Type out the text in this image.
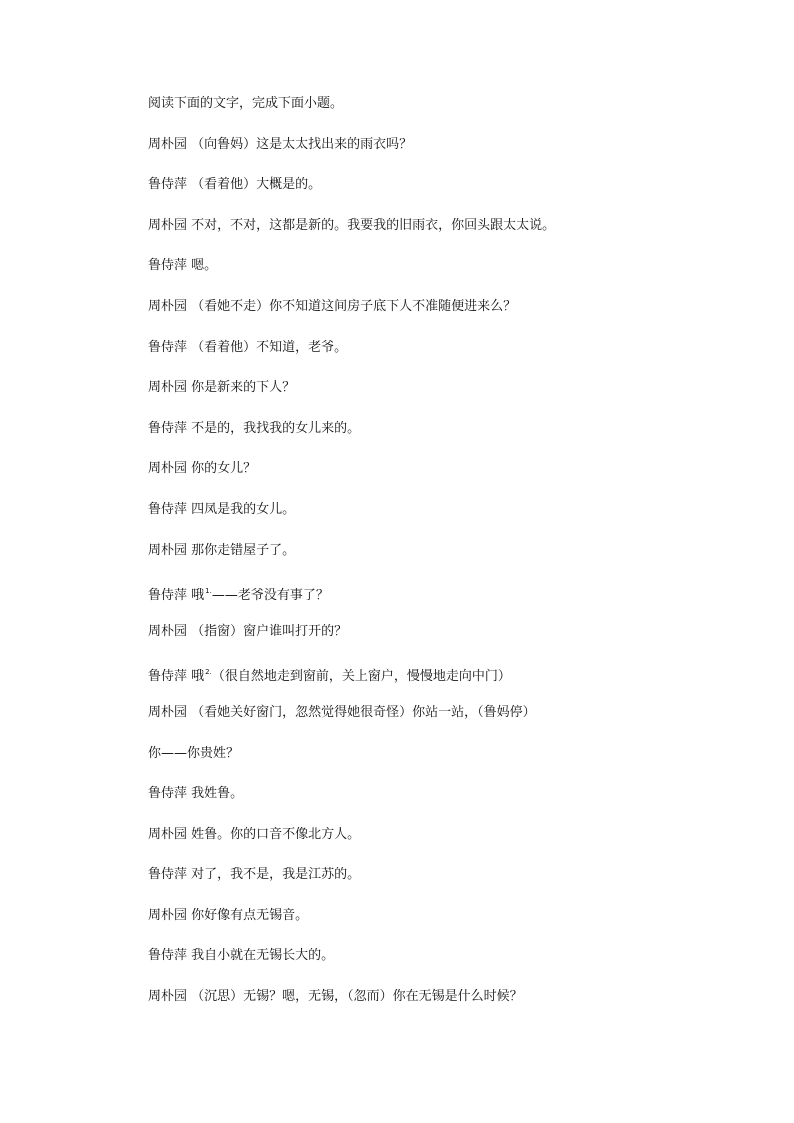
阅读下面的文字，完成下面小题。
周朴园 （向鲁妈）这是太太找出来的雨衣吗？
鲁侍萍 （看着他）大概是的。
周朴园 不对，不对，这都是新的。我要我的旧雨衣，你回头跟太太说。
鲁侍萍 嗯。
周朴园 （看她不走）你不知道这间房子底下人不准随便进来么？
鲁侍萍 （看着他）不知道，老爷。
周朴园 你是新来的下人？
鲁侍萍 不是的，我找我的女儿来的。
周朴园 你的女儿？
鲁侍萍 四凤是我的女儿。
周朴园 那你走错屋子了。
鲁侍萍 哦$^{1.}$——老爷没有事了？
周朴园 （指窗）窗户谁叫打开的？
鲁侍萍 哦$^{2.}$（很自然地走到窗前，关上窗户，慢慢地走向中门）
周朴园 （看她关好窗门，忽然觉得她很奇怪）你站一站，（鲁妈停）
你——你贵姓？
鲁侍萍 我姓鲁。
周朴园 姓鲁。你的口音不像北方人。
鲁侍萍 对了，我不是，我是江苏的。
周朴园 你好像有点无锡音。
鲁侍萍 我自小就在无锡长大的。
周朴园 （沉思）无锡？嗯，无锡，（忽而）你在无锡是什么时候？
